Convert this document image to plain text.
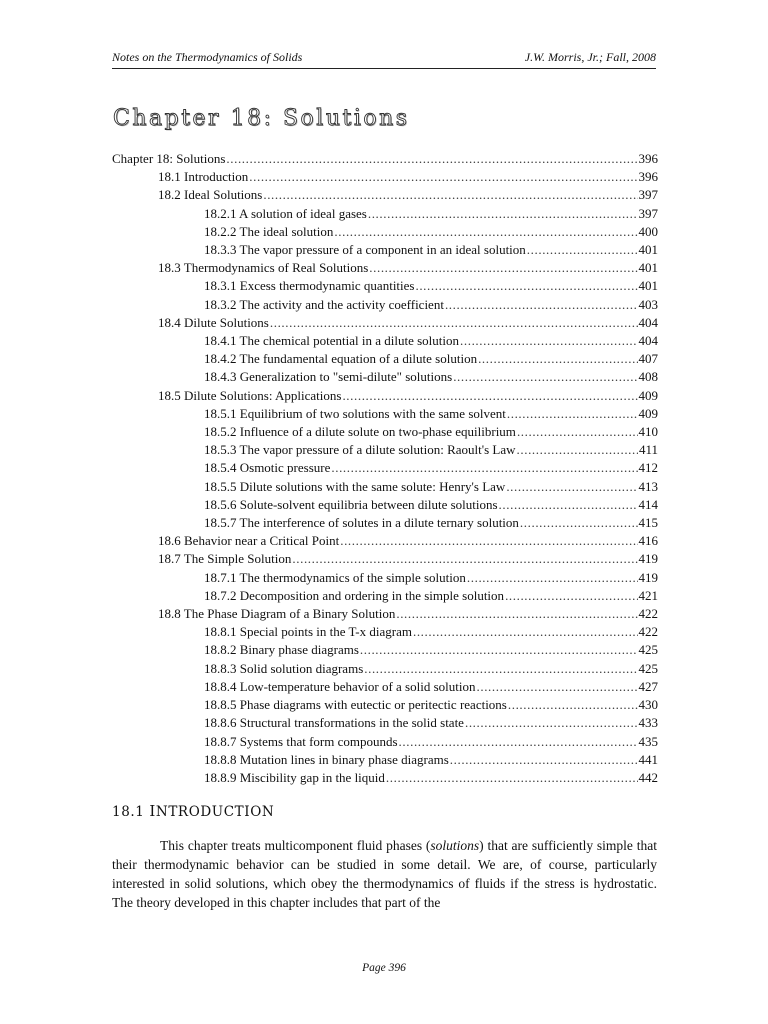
Notes on the Thermodynamics of Solids	J.W. Morris, Jr.; Fall, 2008
Chapter 18: Solutions
Chapter 18: Solutions .....	396
18.1 Introduction .....	396
18.2 Ideal Solutions .....	397
18.2.1 A solution of ideal gases .....	397
18.2.2 The ideal solution .....	400
18.3.3 The vapor pressure of a component in an ideal solution .....	401
18.3 Thermodynamics of Real Solutions .....	401
18.3.1 Excess thermodynamic quantities .....	401
18.3.2 The activity and the activity coefficient .....	403
18.4 Dilute Solutions .....	404
18.4.1 The chemical potential in a dilute solution .....	404
18.4.2 The fundamental equation of a dilute solution .....	407
18.4.3 Generalization to "semi-dilute" solutions .....	408
18.5 Dilute Solutions: Applications .....	409
18.5.1 Equilibrium of two solutions with the same solvent .....	409
18.5.2 Influence of a dilute solute on two-phase equilibrium .....	410
18.5.3 The vapor pressure of a dilute solution: Raoult's Law .....	411
18.5.4 Osmotic pressure .....	412
18.5.5 Dilute solutions with the same solute: Henry's Law .....	413
18.5.6 Solute-solvent equilibria between dilute solutions .....	414
18.5.7 The interference of solutes in a dilute ternary solution .....	415
18.6 Behavior near a Critical Point .....	416
18.7 The Simple Solution .....	419
18.7.1 The thermodynamics of the simple solution .....	419
18.7.2 Decomposition and ordering in the simple solution .....	421
18.8 The Phase Diagram of a Binary Solution .....	422
18.8.1 Special points in the T-x diagram .....	422
18.8.2 Binary phase diagrams .....	425
18.8.3 Solid solution diagrams .....	425
18.8.4 Low-temperature behavior of a solid solution .....	427
18.8.5 Phase diagrams with eutectic or peritectic reactions .....	430
18.8.6 Structural transformations in the solid state .....	433
18.8.7 Systems that form compounds .....	435
18.8.8 Mutation lines in binary phase diagrams .....	441
18.8.9 Miscibility gap in the liquid .....	442
18.1 INTRODUCTION

This chapter treats multicomponent fluid phases (solutions) that are sufficiently simple that their thermodynamic behavior can be studied in some detail. We are, of course, particularly interested in solid solutions, which obey the thermodynamics of fluids if the stress is hydrostatic. The theory developed in this chapter includes that part of the

Page 396
